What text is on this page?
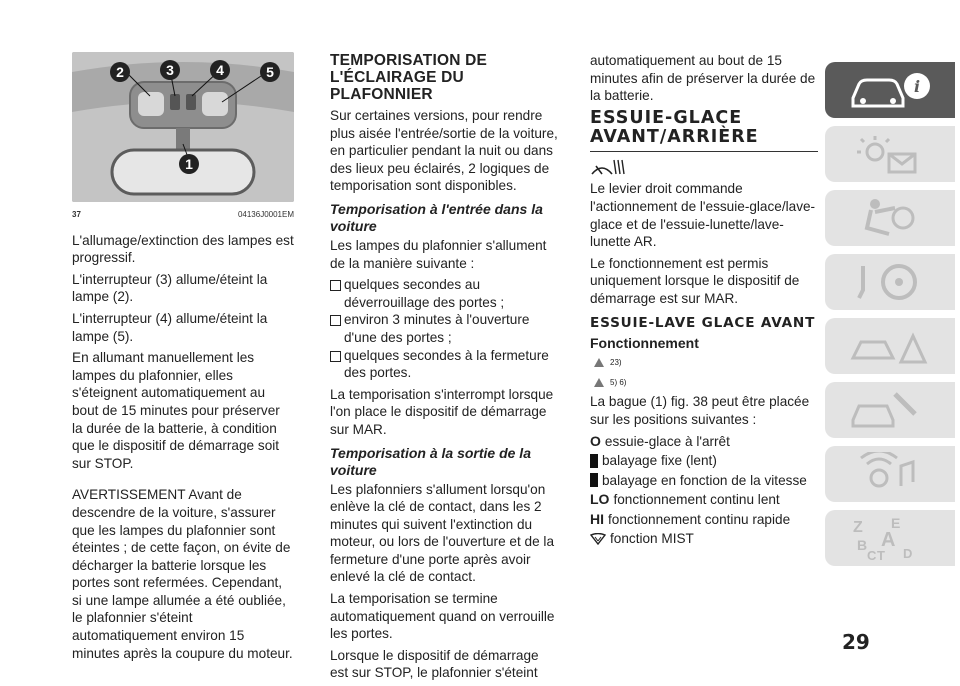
2	3	4	5
1
37	04136J0001EM

L'allumage/extinction des lampes est progressif.

L'interrupteur (3) allume/éteint la lampe (2).

L'interrupteur (4) allume/éteint la lampe (5).

En allumant manuellement les lampes du plafonnier, elles s'éteignent automatiquement au bout de 15 minutes pour préserver la durée de la batterie, à condition que le dispositif de démarrage soit sur STOP.

AVERTISSEMENT Avant de descendre de la voiture, s'assurer que les lampes du plafonnier sont éteintes ; de cette façon, on évite de décharger la batterie lorsque les portes sont refermées. Cependant, si une lampe allumée a été oubliée, le plafonnier s'éteint automatiquement environ 15 minutes après la coupure du moteur.

TEMPORISATION DE L'ÉCLAIRAGE DU PLAFONNIER

Sur certaines versions, pour rendre plus aisée l'entrée/sortie de la voiture, en particulier pendant la nuit ou dans des lieux peu éclairés, 2 logiques de temporisation sont disponibles.

Temporisation à l'entrée dans la voiture

Les lampes du plafonnier s'allument de la manière suivante :

quelques secondes au déverrouillage des portes ;
environ 3 minutes à l'ouverture d'une des portes ;
quelques secondes à la fermeture des portes.

La temporisation s'interrompt lorsque l'on place le dispositif de démarrage sur MAR.

Temporisation à la sortie de la voiture

Les plafonniers s'allument lorsqu'on enlève la clé de contact, dans les 2 minutes qui suivent l'extinction du moteur, ou lors de l'ouverture et de la fermeture d'une porte après avoir enlevé la clé de contact.

La temporisation se termine automatiquement quand on verrouille les portes.

Lorsque le dispositif de démarrage est sur STOP, le plafonnier s'éteint

automatiquement au bout de 15 minutes afin de préserver la durée de la batterie.

ESSUIE-GLACE AVANT/ARRIÈRE

Le levier droit commande l'actionnement de l'essuie-glace/lave-glace et de l'essuie-lunette/lave-lunette AR.

Le fonctionnement est permis uniquement lorsque le dispositif de démarrage est sur MAR.

ESSUIE-LAVE GLACE AVANT
Fonctionnement
23)
5) 6)

La bague (1) fig. 38 peut être placée sur les positions suivantes :

O essuie-glace à l'arrêt
balayage fixe (lent)
balayage en fonction de la vitesse
LO fonctionnement continu lent
HI fonctionnement continu rapide
fonction MIST
29
i
Z E
B A
C T D
